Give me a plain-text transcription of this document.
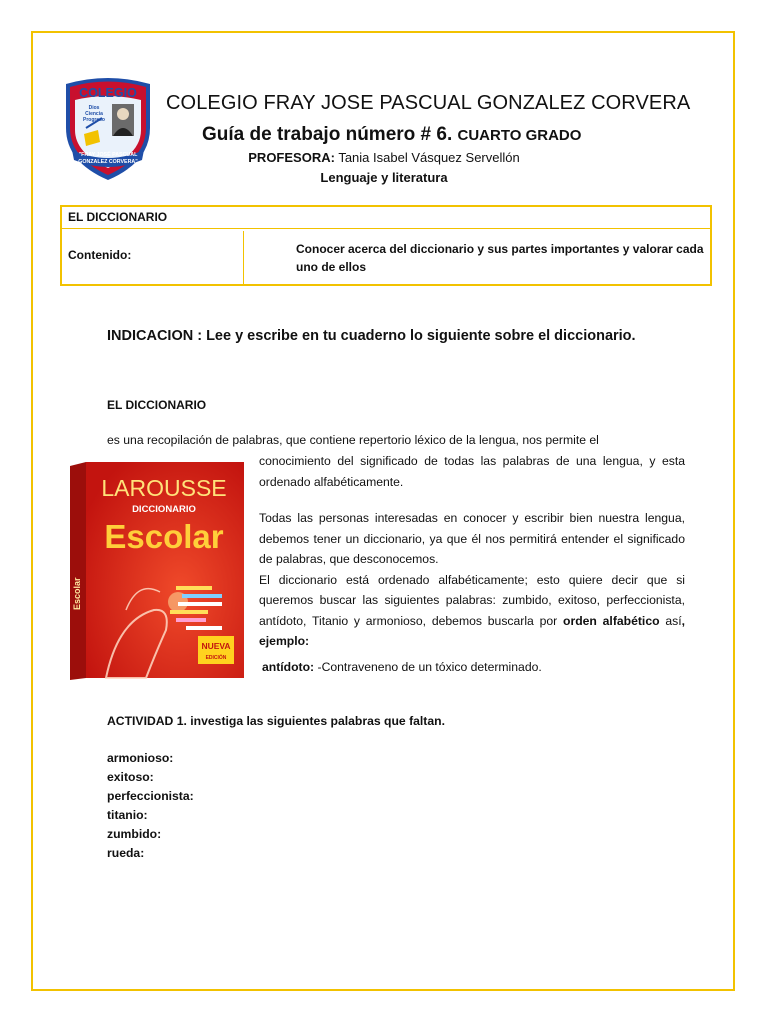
COLEGIO
Dios
Ciencia
Progreso
"FRAY JOSÉ PASCUAL
GONZALEZ CORVERA"
COLEGIO FRAY JOSE PASCUAL GONZALEZ CORVERA
Guía de trabajo número # 6. CUARTO GRADO
PROFESORA: Tania Isabel Vásquez Servellón
Lenguaje y literatura
EL DICCIONARIO
Contenido:	Conocer acerca del diccionario y sus partes importantes y valorar cada uno de ellos
INDICACION : Lee y escribe en tu cuaderno lo siguiente sobre el diccionario.
EL DICCIONARIO
es una recopilación de palabras, que contiene repertorio léxico de la lengua, nos permite el
conocimiento del significado de todas las palabras de una lengua, y esta ordenado alfabéticamente.
Todas las personas interesadas en conocer y escribir bien nuestra lengua, debemos tener un diccionario, ya que él nos permitirá entender el significado de palabras, que desconocemos.
El diccionario está ordenado alfabéticamente; esto quiere decir que si queremos buscar las siguientes palabras: zumbido, exitoso, perfeccionista, antídoto, Titanio y armonioso, debemos buscarla por orden alfabético así, ejemplo:
antídoto: -Contraveneno de un tóxico determinado.
ACTIVIDAD 1. investiga las siguientes palabras que faltan.
armonioso:
exitoso:
perfeccionista:
titanio:
zumbido:
rueda:
Escolar
LAROUSSE
DICCIONARIO
Escolar
NUEVA
EDICIÓN
